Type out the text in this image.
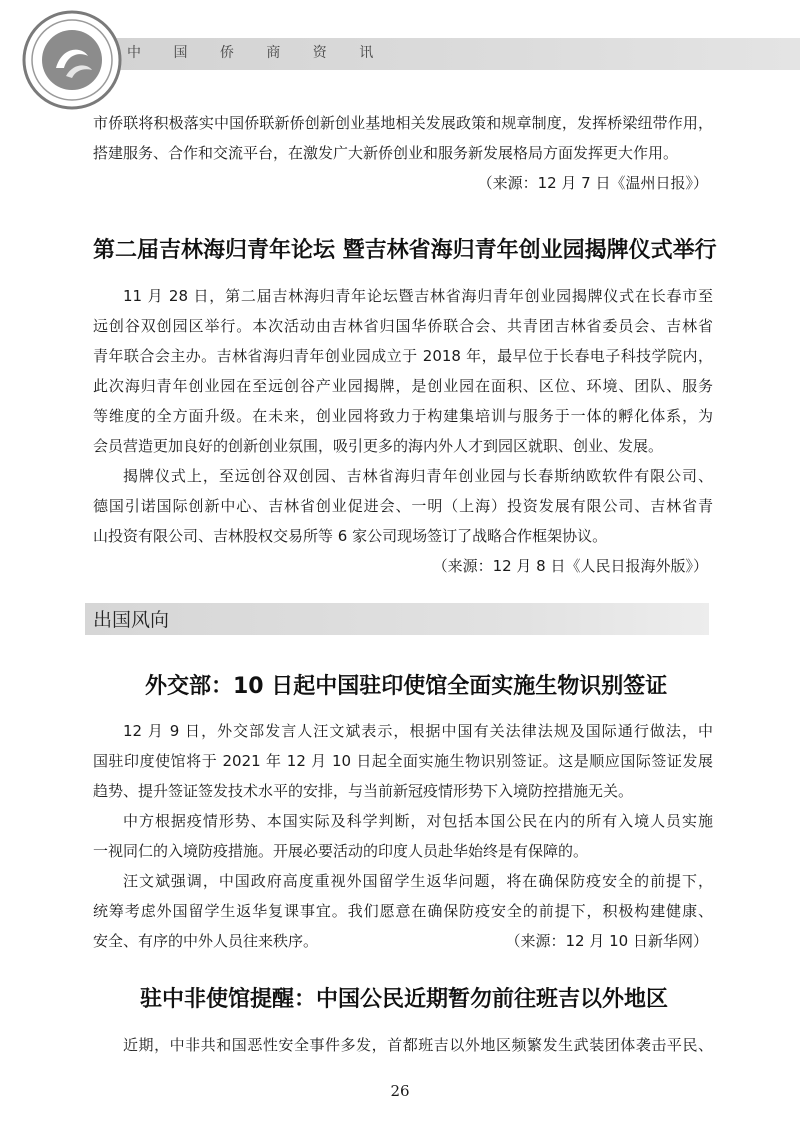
中 国 侨 商 资 讯
市侨联将积极落实中国侨联新侨创新创业基地相关发展政策和规章制度，发挥桥梁纽带作用，
搭建服务、合作和交流平台，在激发广大新侨创业和服务新发展格局方面发挥更大作用。
（来源：12 月 7 日《温州日报》）
第二届吉林海归青年论坛 暨吉林省海归青年创业园揭牌仪式举行
11 月 28 日，第二届吉林海归青年论坛暨吉林省海归青年创业园揭牌仪式在长春市至
远创谷双创园区举行。本次活动由吉林省归国华侨联合会、共青团吉林省委员会、吉林省
青年联合会主办。吉林省海归青年创业园成立于 2018 年，最早位于长春电子科技学院内，
此次海归青年创业园在至远创谷产业园揭牌，是创业园在面积、区位、环境、团队、服务
等维度的全方面升级。在未来，创业园将致力于构建集培训与服务于一体的孵化体系，为
会员营造更加良好的创新创业氛围，吸引更多的海内外人才到园区就职、创业、发展。
揭牌仪式上，至远创谷双创园、吉林省海归青年创业园与长春斯纳欧软件有限公司、
德国引诺国际创新中心、吉林省创业促进会、一明（上海）投资发展有限公司、吉林省青
山投资有限公司、吉林股权交易所等 6 家公司现场签订了战略合作框架协议。
（来源：12 月 8 日《人民日报海外版》）
出国风向
外交部：10 日起中国驻印使馆全面实施生物识别签证
12 月 9 日，外交部发言人汪文斌表示，根据中国有关法律法规及国际通行做法，中
国驻印度使馆将于 2021 年 12 月 10 日起全面实施生物识别签证。这是顺应国际签证发展
趋势、提升签证签发技术水平的安排，与当前新冠疫情形势下入境防控措施无关。
中方根据疫情形势、本国实际及科学判断，对包括本国公民在内的所有入境人员实施
一视同仁的入境防疫措施。开展必要活动的印度人员赴华始终是有保障的。
汪文斌强调，中国政府高度重视外国留学生返华问题，将在确保防疫安全的前提下，
统筹考虑外国留学生返华复课事宜。我们愿意在确保防疫安全的前提下，积极构建健康、
安全、有序的中外人员往来秩序。	（来源：12 月 10 日新华网）
驻中非使馆提醒：中国公民近期暂勿前往班吉以外地区
近期，中非共和国恶性安全事件多发，首都班吉以外地区频繁发生武装团体袭击平民、
26
